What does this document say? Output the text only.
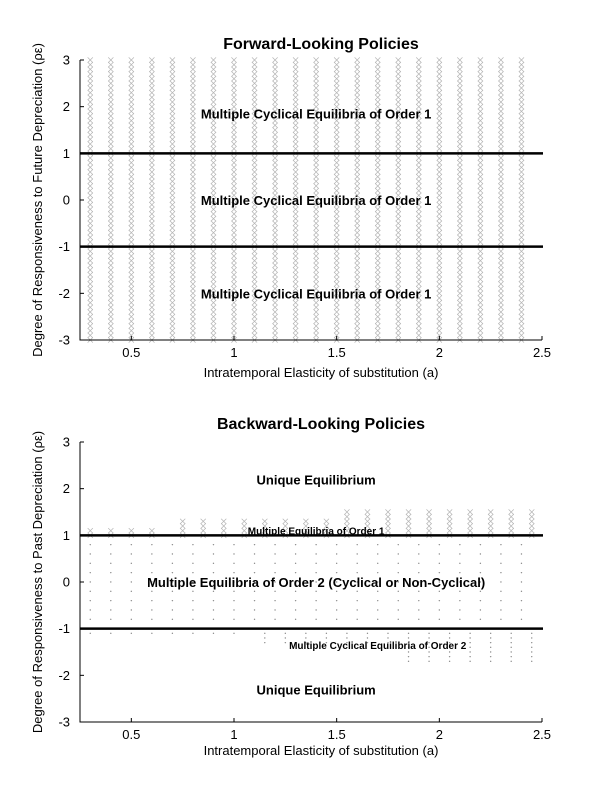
3
2
1
0
-1
-2
-3
0.5	1	1.5	2	2.5
Multiple Cyclical Equilibria of Order 1
Multiple Cyclical Equilibria of Order 1
Multiple Cyclical Equilibria of Order 1
Forward-Looking Policies
Intratemporal Elasticity of substitution (a)
Degree of Responsiveness to Future Depreciation (ρε)
3
2
1
0
-1
-2
-3
0.5	1	1.5	2	2.5
Unique Equilibrium
Multiple Equilibria of Order 1
Multiple Equilibria of Order 2 (Cyclical or Non-Cyclical)
Multiple Cyclical Equilibria of Order 2
Unique Equilibrium
Backward-Looking Policies
Intratemporal Elasticity of substitution (a)
Degree of Responsiveness to Past Depreciation (ρε)
